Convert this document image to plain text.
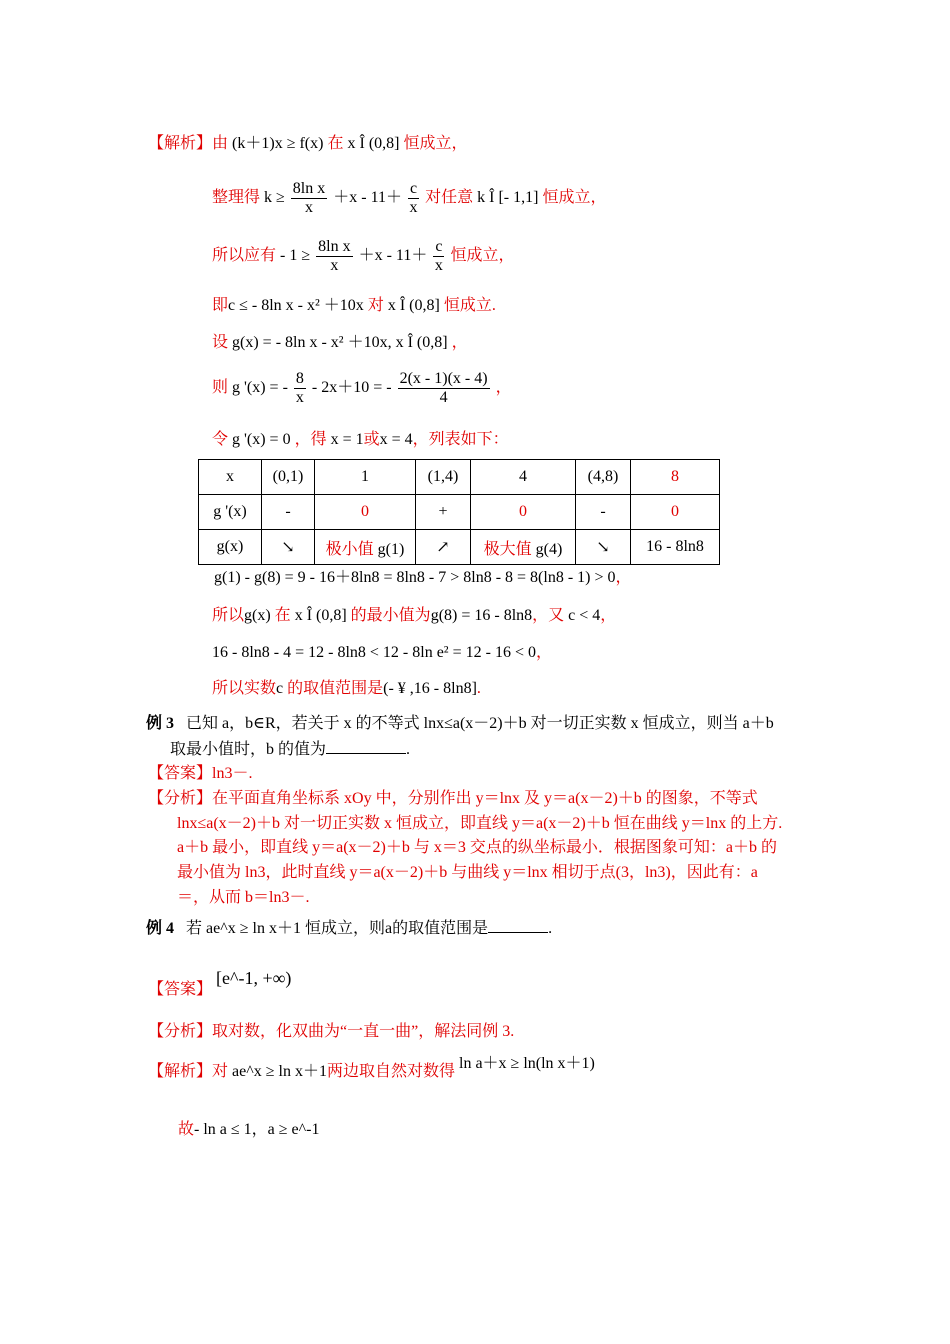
【解析】由 (k＋1)x ≥ f(x) 在 x Î (0,8] 恒成立，
整理得 $k \ge \frac{\text{8ln x}}{x} +x - 11+ \frac{c}{x}$ 对任意 k Î [- 1,1] 恒成立，
所以应有 - $1 \ge \frac{\text{8ln x}}{x} +x - 11+ \frac{c}{x}$ 恒成立，
即c ≤ - 8ln x - x² ＋10x 对 x Î (0,8] 恒成立.
设 g(x) = - 8ln x - x² ＋10x, x Î (0,8] ，
则 g '(x) = - $\frac{8}{x} - 2x+10$ = - $\frac{2(x - 1)(x - 4)}{4}$ ，
令 g '(x) = 0 ，得 x = 1或x = 4，列表如下：
x	(0,1)	1	(1,4)	4	(4,8)	8
g '(x)	-	0	+	0	-	0
g(x)	↘	极小值 g(1)	↗	极大值 g(4)	↘	16 - 8ln8
g(1) - g(8) = 9 - 16＋8ln8 = 8ln8 - 7 > 8ln8 - 8 = 8(ln8 - 1) > 0，
所以g(x) 在 x Î (0,8] 的最小值为g(8) = 16 - 8ln8，又 c < 4，
16 - 8ln8 - 4 = 12 - 8ln8 < 12 - 8ln e² = 12 - 16 < 0，
所以实数c 的取值范围是(- ¥ ,16 - 8ln8].
例 3 已知 a，b∈R，若关于 x 的不等式 lnx≤a(x－2)＋b 对一切正实数 x 恒成立，则当 a＋b
取最小值时，b 的值为	.
【答案】ln3－.
【分析】在平面直角坐标系 xOy 中，分别作出 y＝lnx 及 y＝a(x－2)＋b 的图象，不等式
lnx≤a(x－2)＋b 对一切正实数 x 恒成立，即直线 y＝a(x－2)＋b 恒在曲线 y＝lnx 的上方.
a＋b 最小，即直线 y＝a(x－2)＋b 与 x＝3 交点的纵坐标最小．根据图象可知：a＋b 的
最小值为 ln3，此时直线 y＝a(x－2)＋b 与曲线 y＝lnx 相切于点(3，ln3)，因此有：a
＝，从而 b＝ln3－.
例 4 若 ae^x ≥ ln x＋1 恒成立，则a的取值范围是	.
【答案】 [e^-1, +∞)
【分析】取对数，化双曲为“一直一曲”，解法同例 3.
【解析】对 ae^x ≥ ln x＋1两边取自然对数得 ln a＋x ≥ ln(ln x＋1)
故- ln a ≤ 1，a ≥ e^-1
